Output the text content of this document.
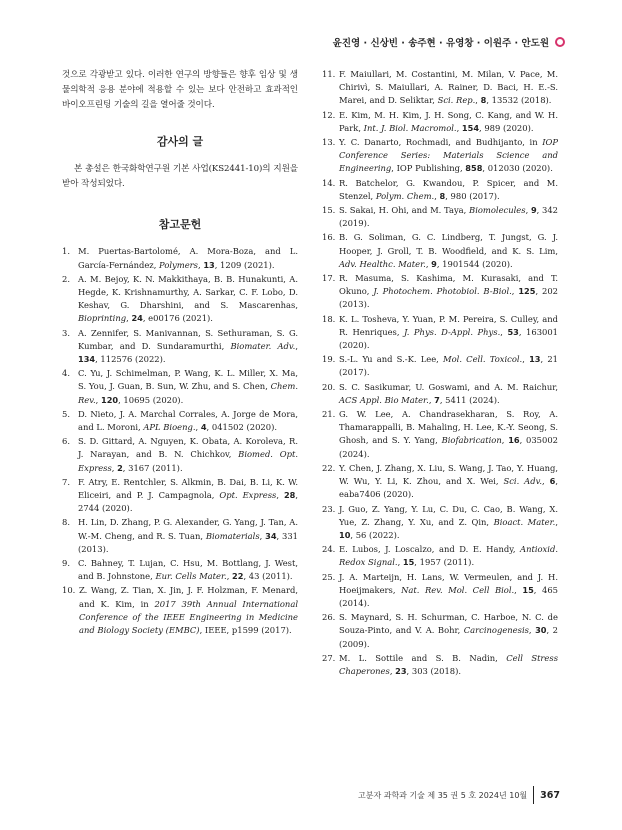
윤진영 · 신상빈 · 송주현 · 유영창 · 이원주 · 안도원

것으로 각광받고 있다. 이러한 연구의 방향들은 향후 임상 및 생물의학적 응용 분야에 적용할 수 있는 보다 안전하고 효과적인 바이오프린팅 기술의 길을 열어줄 것이다.

감사의 글

본 총설은 한국화학연구원 기본 사업(KS2441-10)의 지원을 받아 작성되었다.

참고문헌
1. M. Puertas-Bartolomé, A. Mora-Boza, and L. García-Fernández, Polymers, 13, 1209 (2021).
2. A. M. Bejoy, K. N. Makkithaya, B. B. Hunakunti, A. Hegde, K. Krishnamurthy, A. Sarkar, C. F. Lobo, D. Keshav, G. Dharshini, and S. Mascarenhas, Bioprinting, 24, e00176 (2021).
3. A. Zennifer, S. Manivannan, S. Sethuraman, S. G. Kumbar, and D. Sundaramurthi, Biomater. Adv., 134, 112576 (2022).
4. C. Yu, J. Schimelman, P. Wang, K. L. Miller, X. Ma, S. You, J. Guan, B. Sun, W. Zhu, and S. Chen, Chem. Rev., 120, 10695 (2020).
5. D. Nieto, J. A. Marchal Corrales, A. Jorge de Mora, and L. Moroni, APL Bioeng., 4, 041502 (2020).
6. S. D. Gittard, A. Nguyen, K. Obata, A. Koroleva, R. J. Narayan, and B. N. Chichkov, Biomed. Opt. Express, 2, 3167 (2011).
7. F. Atry, E. Rentchler, S. Alkmin, B. Dai, B. Li, K. W. Eliceiri, and P. J. Campagnola, Opt. Express, 28, 2744 (2020).
8. H. Lin, D. Zhang, P. G. Alexander, G. Yang, J. Tan, A. W.-M. Cheng, and R. S. Tuan, Biomaterials, 34, 331 (2013).
9. C. Bahney, T. Lujan, C. Hsu, M. Bottlang, J. West, and B. Johnstone, Eur. Cells Mater., 22, 43 (2011).
10. Z. Wang, Z. Tian, X. Jin, J. F. Holzman, F. Menard, and K. Kim, in 2017 39th Annual International Conference of the IEEE Engineering in Medicine and Biology Society (EMBC), IEEE, p1599 (2017).
11. F. Maiullari, M. Costantini, M. Milan, V. Pace, M. Chirivì, S. Maiullari, A. Rainer, D. Baci, H. E.-S. Marei, and D. Seliktar, Sci. Rep., 8, 13532 (2018).
12. E. Kim, M. H. Kim, J. H. Song, C. Kang, and W. H. Park, Int. J. Biol. Macromol., 154, 989 (2020).
13. Y. C. Danarto, Rochmadi, and Budhijanto, in IOP Conference Series: Materials Science and Engineering, IOP Publishing, 858, 012030 (2020).
14. R. Batchelor, G. Kwandou, P. Spicer, and M. Stenzel, Polym. Chem., 8, 980 (2017).
15. S. Sakai, H. Ohi, and M. Taya, Biomolecules, 9, 342 (2019).
16. B. G. Soliman, G. C. Lindberg, T. Jungst, G. J. Hooper, J. Groll, T. B. Woodfield, and K. S. Lim, Adv. Healthc. Mater., 9, 1901544 (2020).
17. R. Masuma, S. Kashima, M. Kurasaki, and T. Okuno, J. Photochem. Photobiol. B-Biol., 125, 202 (2013).
18. K. L. Tosheva, Y. Yuan, P. M. Pereira, S. Culley, and R. Henriques, J. Phys. D-Appl. Phys., 53, 163001 (2020).
19. S.-L. Yu and S.-K. Lee, Mol. Cell. Toxicol., 13, 21 (2017).
20. S. C. Sasikumar, U. Goswami, and A. M. Raichur, ACS Appl. Bio Mater., 7, 5411 (2024).
21. G. W. Lee, A. Chandrasekharan, S. Roy, A. Thamarappalli, B. Mahaling, H. Lee, K.-Y. Seong, S. Ghosh, and S. Y. Yang, Biofabrication, 16, 035002 (2024).
22. Y. Chen, J. Zhang, X. Liu, S. Wang, J. Tao, Y. Huang, W. Wu, Y. Li, K. Zhou, and X. Wei, Sci. Adv., 6, eaba7406 (2020).
23. J. Guo, Z. Yang, Y. Lu, C. Du, C. Cao, B. Wang, X. Yue, Z. Zhang, Y. Xu, and Z. Qin, Bioact. Mater., 10, 56 (2022).
24. E. Lubos, J. Loscalzo, and D. E. Handy, Antioxid. Redox Signal., 15, 1957 (2011).
25. J. A. Marteijn, H. Lans, W. Vermeulen, and J. H. Hoeijmakers, Nat. Rev. Mol. Cell Biol., 15, 465 (2014).
26. S. Maynard, S. H. Schurman, C. Harboe, N. C. de Souza-Pinto, and V. A. Bohr, Carcinogenesis, 30, 2 (2009).
27. M. L. Sottile and S. B. Nadin, Cell Stress Chaperones, 23, 303 (2018).
고분자 과학과 기술 제 35 권 5 호 2024년 10월 367
